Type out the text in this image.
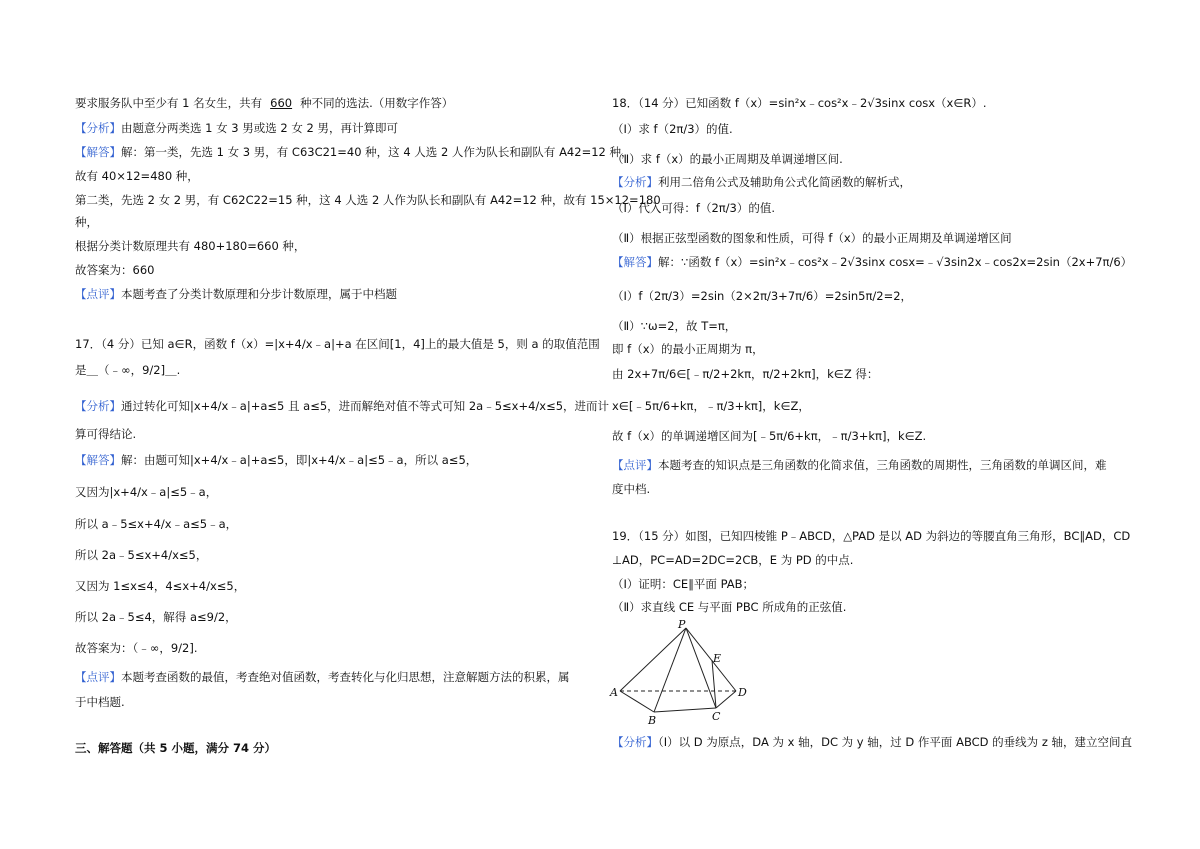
要求服务队中至少有 1 名女生，共有 660 种不同的选法.（用数字作答）
【分析】由题意分两类选 1 女 3 男或选 2 女 2 男，再计算即可
【解答】解：第一类，先选 1 女 3 男，有 C63C21=40 种，这 4 人选 2 人作为队长和副队有 A42=12 种，
故有 40×12=480 种，
第二类，先选 2 女 2 男，有 C62C22=15 种，这 4 人选 2 人作为队长和副队有 A42=12 种，故有 15×12=180
种，
根据分类计数原理共有 480+180=660 种，
故答案为：660
【点评】本题考查了分类计数原理和分步计数原理，属于中档题
17．（4 分）已知 a∈R，函数 f（x）=|x+4/x﹣a|+a 在区间[1，4]上的最大值是 5，则 a 的取值范围
是＿（﹣∞，9/2]＿.
【分析】通过转化可知|x+4/x﹣a|+a≤5 且 a≤5，进而解绝对值不等式可知 2a﹣5≤x+4/x≤5，进而计
算可得结论.
【解答】解：由题可知|x+4/x﹣a|+a≤5，即|x+4/x﹣a|≤5﹣a，所以 a≤5，
又因为|x+4/x﹣a|≤5﹣a，
所以 a﹣5≤x+4/x﹣a≤5﹣a，
所以 2a﹣5≤x+4/x≤5，
又因为 1≤x≤4，4≤x+4/x≤5，
所以 2a﹣5≤4，解得 a≤9/2，
故答案为：（﹣∞，9/2].
【点评】本题考查函数的最值，考查绝对值函数，考查转化与化归思想，注意解题方法的积累，属
于中档题.
三、解答题（共 5 小题，满分 74 分）
18．（14 分）已知函数 f（x）=sin²x﹣cos²x﹣2√3sinx cosx（x∈R）.
（Ⅰ）求 f（2π/3）的值.
（Ⅱ）求 f（x）的最小正周期及单调递增区间.
【分析】利用二倍角公式及辅助角公式化简函数的解析式，
（Ⅰ）代入可得：f（2π/3）的值.
（Ⅱ）根据正弦型函数的图象和性质，可得 f（x）的最小正周期及单调递增区间
【解答】解：∵函数 f（x）=sin²x﹣cos²x﹣2√3sinx cosx=﹣√3sin2x﹣cos2x=2sin（2x+7π/6）
（Ⅰ）f（2π/3）=2sin（2×2π/3+7π/6）=2sin5π/2=2，
（Ⅱ）∵ω=2，故 T=π，
即 f（x）的最小正周期为 π，
由 2x+7π/6∈[﹣π/2+2kπ，π/2+2kπ]，k∈Z 得：
x∈[﹣5π/6+kπ，﹣π/3+kπ]，k∈Z，
故 f（x）的单调递增区间为[﹣5π/6+kπ，﹣π/3+kπ]，k∈Z.
【点评】本题考查的知识点是三角函数的化简求值，三角函数的周期性，三角函数的单调区间，难
度中档.
19．（15 分）如图，已知四棱锥 P﹣ABCD，△PAD 是以 AD 为斜边的等腰直角三角形，BC∥AD，CD
⊥AD，PC=AD=2DC=2CB，E 为 PD 的中点.
（Ⅰ）证明：CE∥平面 PAB；
（Ⅱ）求直线 CE 与平面 PBC 所成角的正弦值.
P
E
A	D
B	C
【分析】（Ⅰ）以 D 为原点，DA 为 x 轴，DC 为 y 轴，过 D 作平面 ABCD 的垂线为 z 轴，建立空间直
